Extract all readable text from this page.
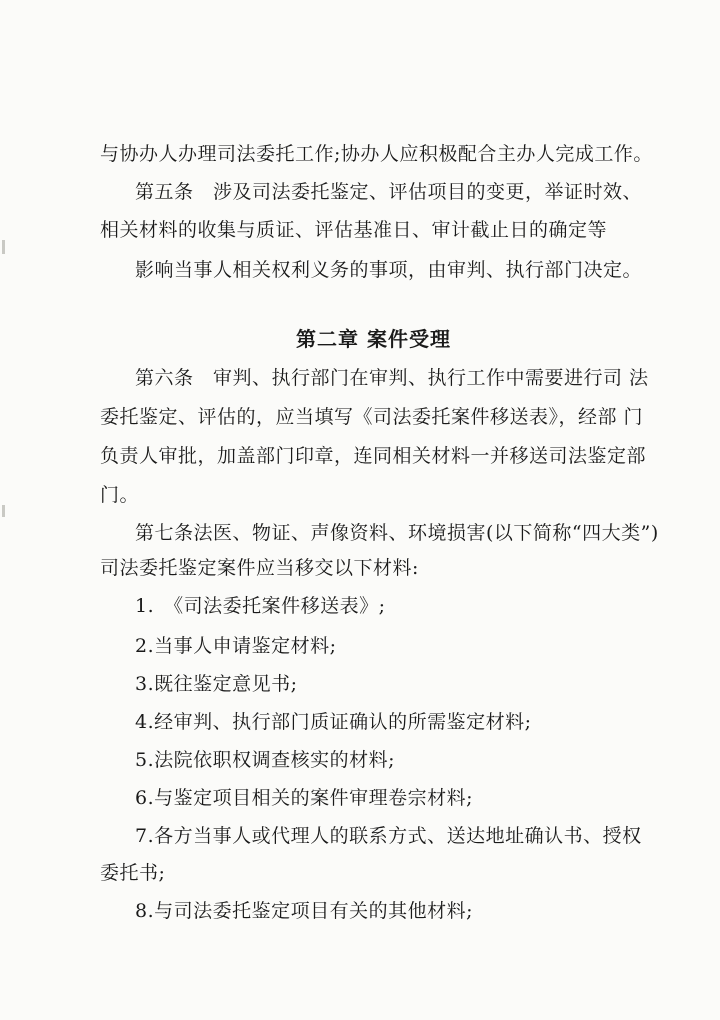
与协办人办理司法委托工作;协办人应积极配合主办人完成工作。
第五条　涉及司法委托鉴定、评估项目的变更，举证时效、
相关材料的收集与质证、评估基准日、审计截止日的确定等
影响当事人相关权利义务的事项，由审判、执行部门决定。
第二章 案件受理
第六条　审判、执行部门在审判、执行工作中需要进行司 法
委托鉴定、评估的，应当填写《司法委托案件移送表》，经部 门
负责人审批，加盖部门印章，连同相关材料一并移送司法鉴定部
门。
第七条法医、物证、声像资料、环境损害(以下简称“四大类”)
司法委托鉴定案件应当移交以下材料:
1.　《司法委托案件移送表》;
2.当事人申请鉴定材料;
3.既往鉴定意见书;
4.经审判、执行部门质证确认的所需鉴定材料;
5.法院依职权调查核实的材料;
6.与鉴定项目相关的案件审理卷宗材料;
7.各方当事人或代理人的联系方式、送达地址确认书、授权
委托书;
8.与司法委托鉴定项目有关的其他材料;
